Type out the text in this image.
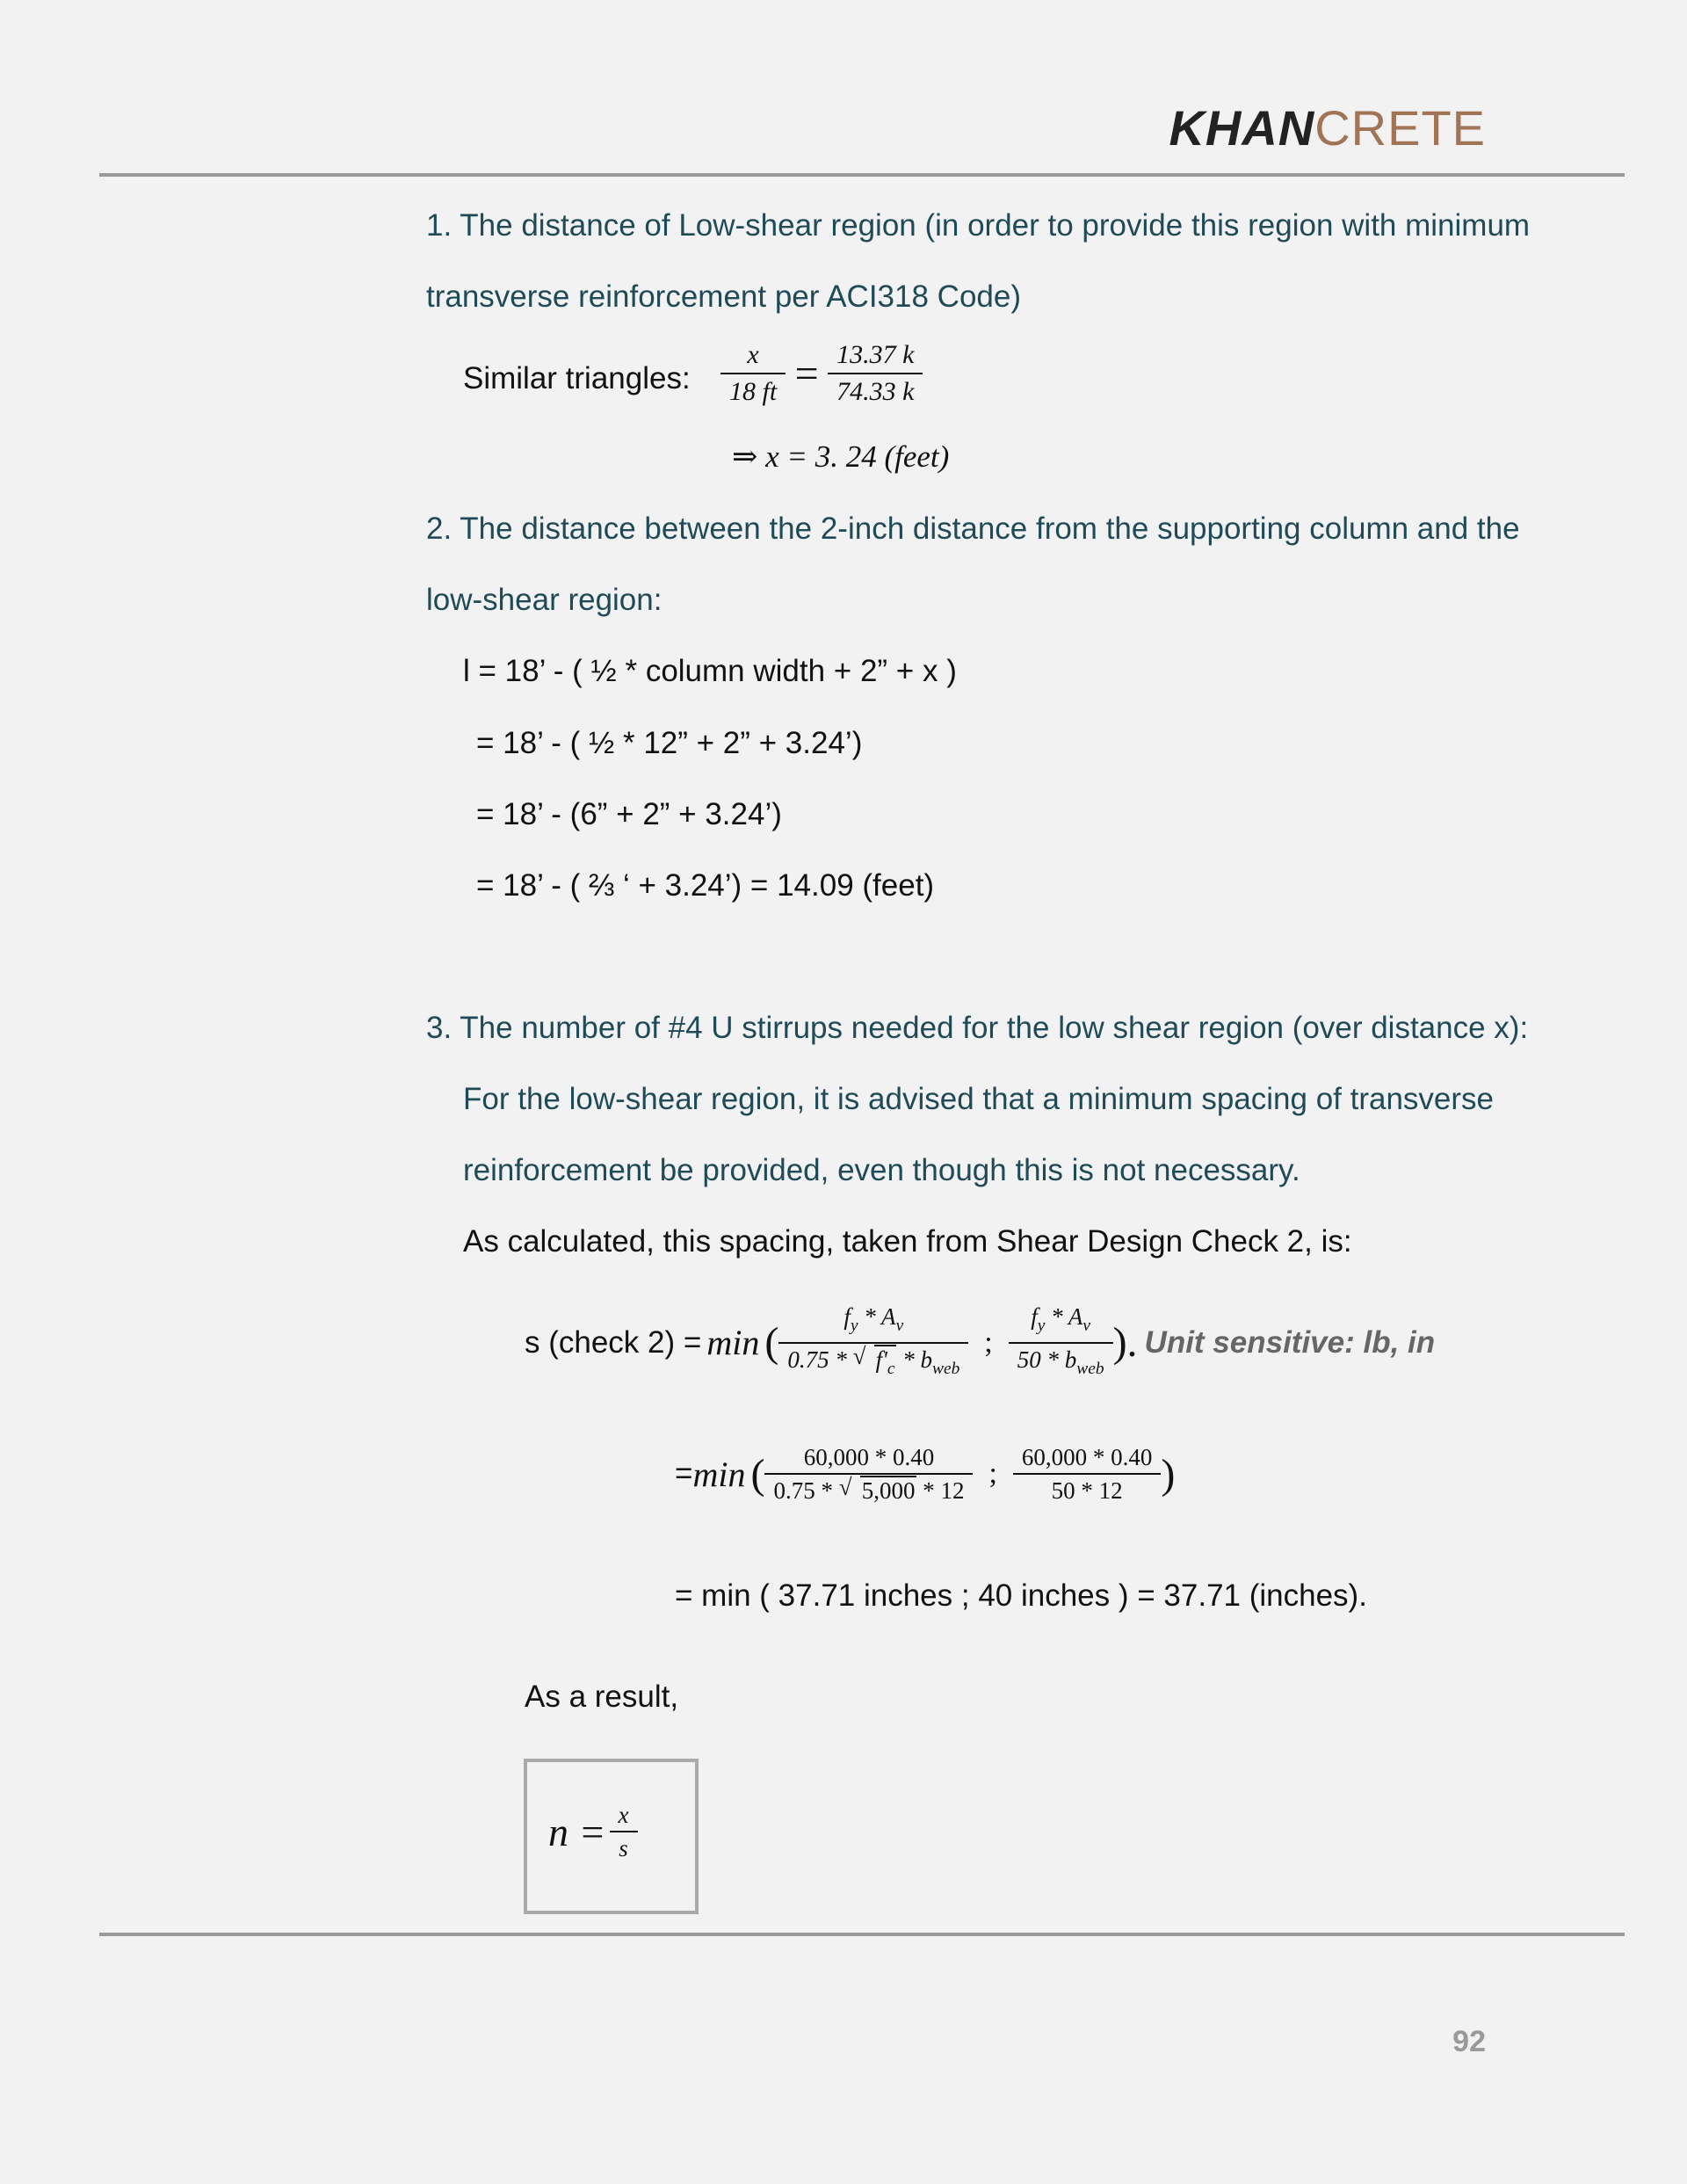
KHANCRETE
1. The distance of Low-shear region (in order to provide this region with minimum
transverse reinforcement per ACI318 Code)
Similar triangles: $\frac{x}{18 ft} = \frac{13.37 k}{74.33 k}$
⇒ x = 3. 24 (feet)
2. The distance between the 2-inch distance from the supporting column and the
low-shear region:
l = 18’ - ( ½ * column width + 2” + x )
= 18’ - ( ½ * 12” + 2” + 3.24’)
= 18’ - (6” + 2” + 3.24’)
= 18’ - ( ⅔ ‘ + 3.24’) = 14.09 (feet)
3. The number of #4 U stirrups needed for the low shear region (over distance x):
For the low-shear region, it is advised that a minimum spacing of transverse
reinforcement be provided, even though this is not necessary.
As calculated, this spacing, taken from Shear Design Check 2, is:
s (check 2) = min ( $\frac{f_y * A_v}{0.75 * √ f'_c * b_{web}}$ ; $\frac{f_y * A_v}{50 * b_{web}}$ ). Unit sensitive: lb, in
= min ( $\frac{60,000 * 0.40}{0.75 * √ 5,000 * 12}$ ; $\frac{60,000 * 0.40}{50 * 12}$ )
= min ( 37.71 inches ; 40 inches ) = 37.71 (inches).
As a result,
$n = \frac{x}{s}$
92
